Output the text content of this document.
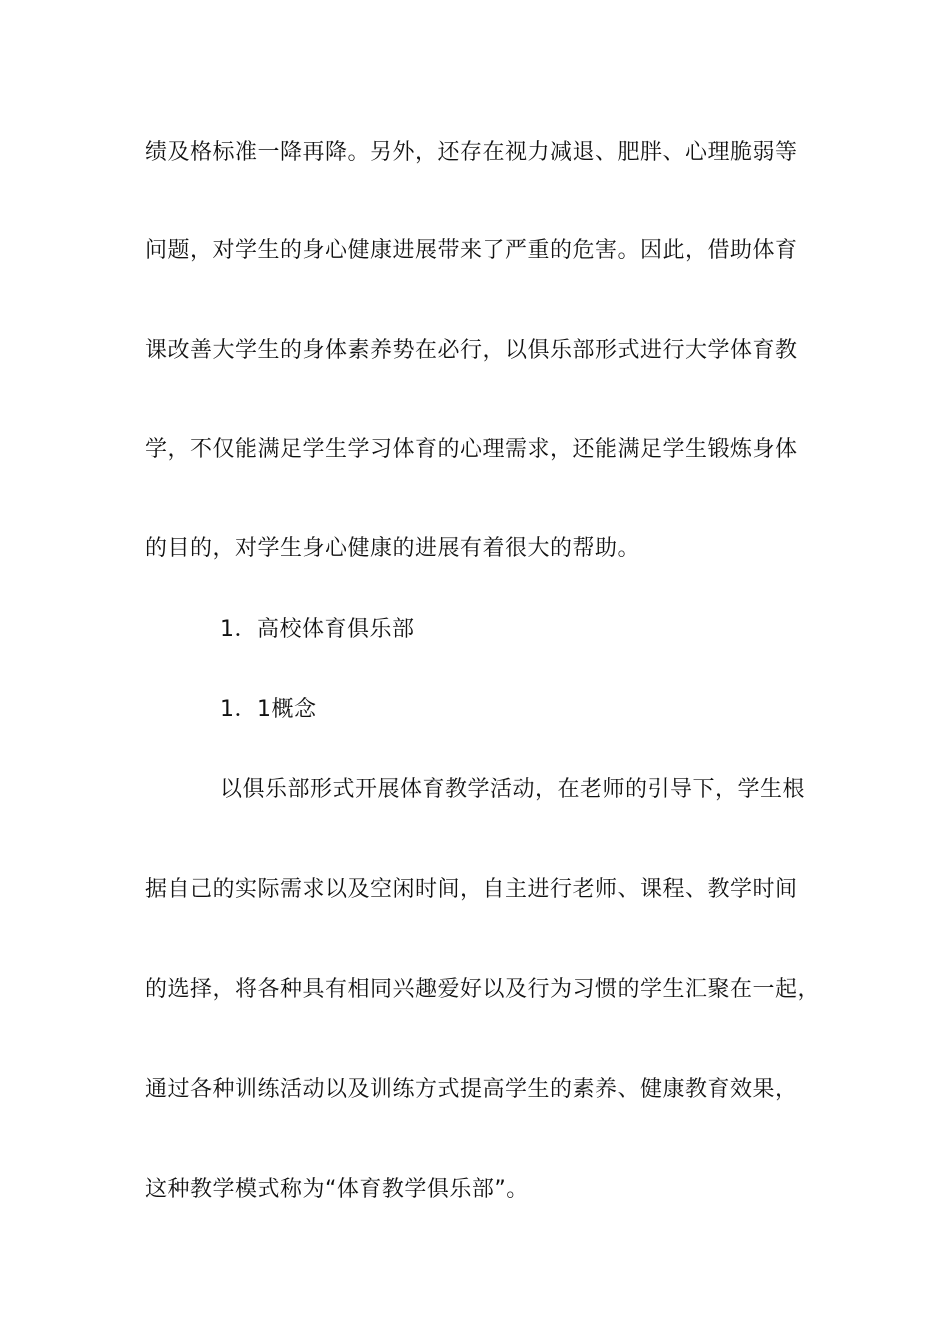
绩及格标准一降再降。另外，还存在视力减退、肥胖、心理脆弱等
问题，对学生的身心健康进展带来了严重的危害。因此，借助体育
课改善大学生的身体素养势在必行，以俱乐部形式进行大学体育教
学，不仅能满足学生学习体育的心理需求，还能满足学生锻炼身体
的目的，对学生身心健康的进展有着很大的帮助。
1．高校体育俱乐部
1．1概念
以俱乐部形式开展体育教学活动，在老师的引导下，学生根
据自己的实际需求以及空闲时间，自主进行老师、课程、教学时间
的选择，将各种具有相同兴趣爱好以及行为习惯的学生汇聚在一起，
通过各种训练活动以及训练方式提高学生的素养、健康教育效果，
这种教学模式称为“体育教学俱乐部”。
